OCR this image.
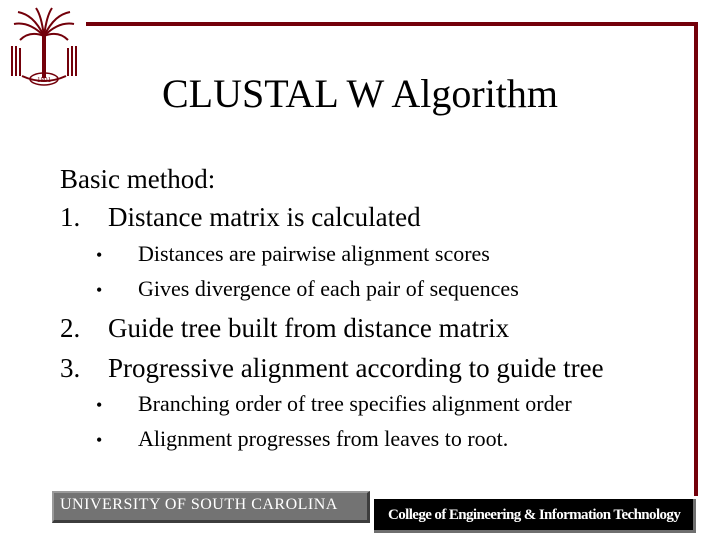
1801	CLUSTAL W Algorithm
Basic method:
1. Distance matrix is calculated
• Distances are pairwise alignment scores
• Gives divergence of each pair of sequences
2. Guide tree built from distance matrix
3. Progressive alignment according to guide tree
• Branching order of tree specifies alignment order
• Alignment progresses from leaves to root.
UNIVERSITY OF SOUTH CAROLINA
College of Engineering & Information Technology
